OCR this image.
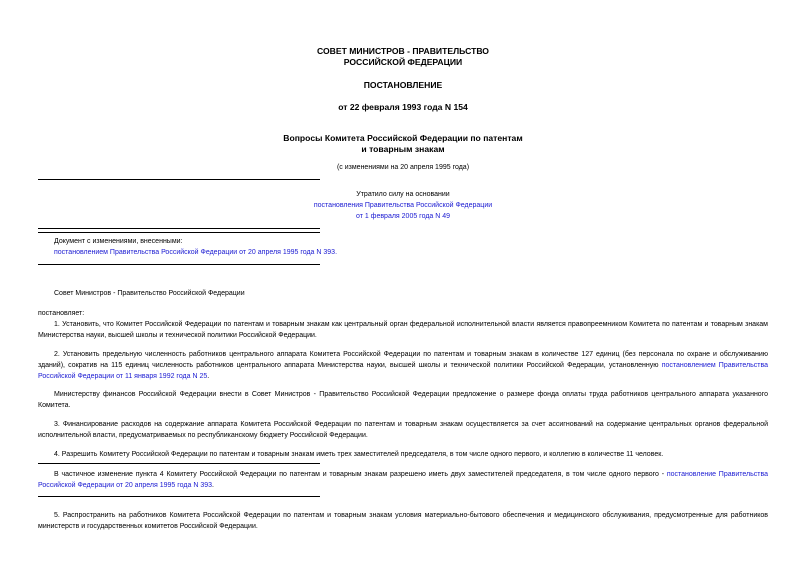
СОВЕТ МИНИСТРОВ - ПРАВИТЕЛЬСТВО
РОССИЙСКОЙ ФЕДЕРАЦИИ
ПОСТАНОВЛЕНИЕ
от 22 февраля 1993 года N 154
Вопросы Комитета Российской Федерации по патентам
и товарным знакам
(с изменениями на 20 апреля 1995 года)
Утратило силу на основании
постановления Правительства Российской Федерации
от 1 февраля 2005 года N 49
Документ с изменениями, внесенными:
постановлением Правительства Российской Федерации от 20 апреля 1995 года N 393.
Совет Министров - Правительство Российской Федерации
постановляет:
1. Установить, что Комитет Российской Федерации по патентам и товарным знакам как центральный орган федеральной исполнительной власти является правопреемником Комитета по патентам и товарным знакам Министерства науки, высшей школы и технической политики Российской Федерации.
2. Установить предельную численность работников центрального аппарата Комитета Российской Федерации по патентам и товарным знакам в количестве 127 единиц (без персонала по охране и обслуживанию зданий), сократив на 115 единиц численность работников центрального аппарата Министерства науки, высшей школы и технической политики Российской Федерации, установленную постановлением Правительства Российской Федерации от 11 января 1992 года N 25.
Министерству финансов Российской Федерации внести в Совет Министров - Правительство Российской Федерации предложение о размере фонда оплаты труда работников центрального аппарата указанного Комитета.
3. Финансирование расходов на содержание аппарата Комитета Российской Федерации по патентам и товарным знакам осуществляется за счет ассигнований на содержание центральных органов федеральной исполнительной власти, предусматриваемых по республиканскому бюджету Российской Федерации.
4. Разрешить Комитету Российской Федерации по патентам и товарным знакам иметь трех заместителей председателя, в том числе одного первого, и коллегию в количестве 11 человек.
В частичное изменение пункта 4 Комитету Российской Федерации по патентам и товарным знакам разрешено иметь двух заместителей председателя, в том числе одного первого - постановление Правительства Российской Федерации от 20 апреля 1995 года N 393.
5. Распространить на работников Комитета Российской Федерации по патентам и товарным знакам условия материально-бытового обеспечения и медицинского обслуживания, предусмотренные для работников министерств и государственных комитетов Российской Федерации.
